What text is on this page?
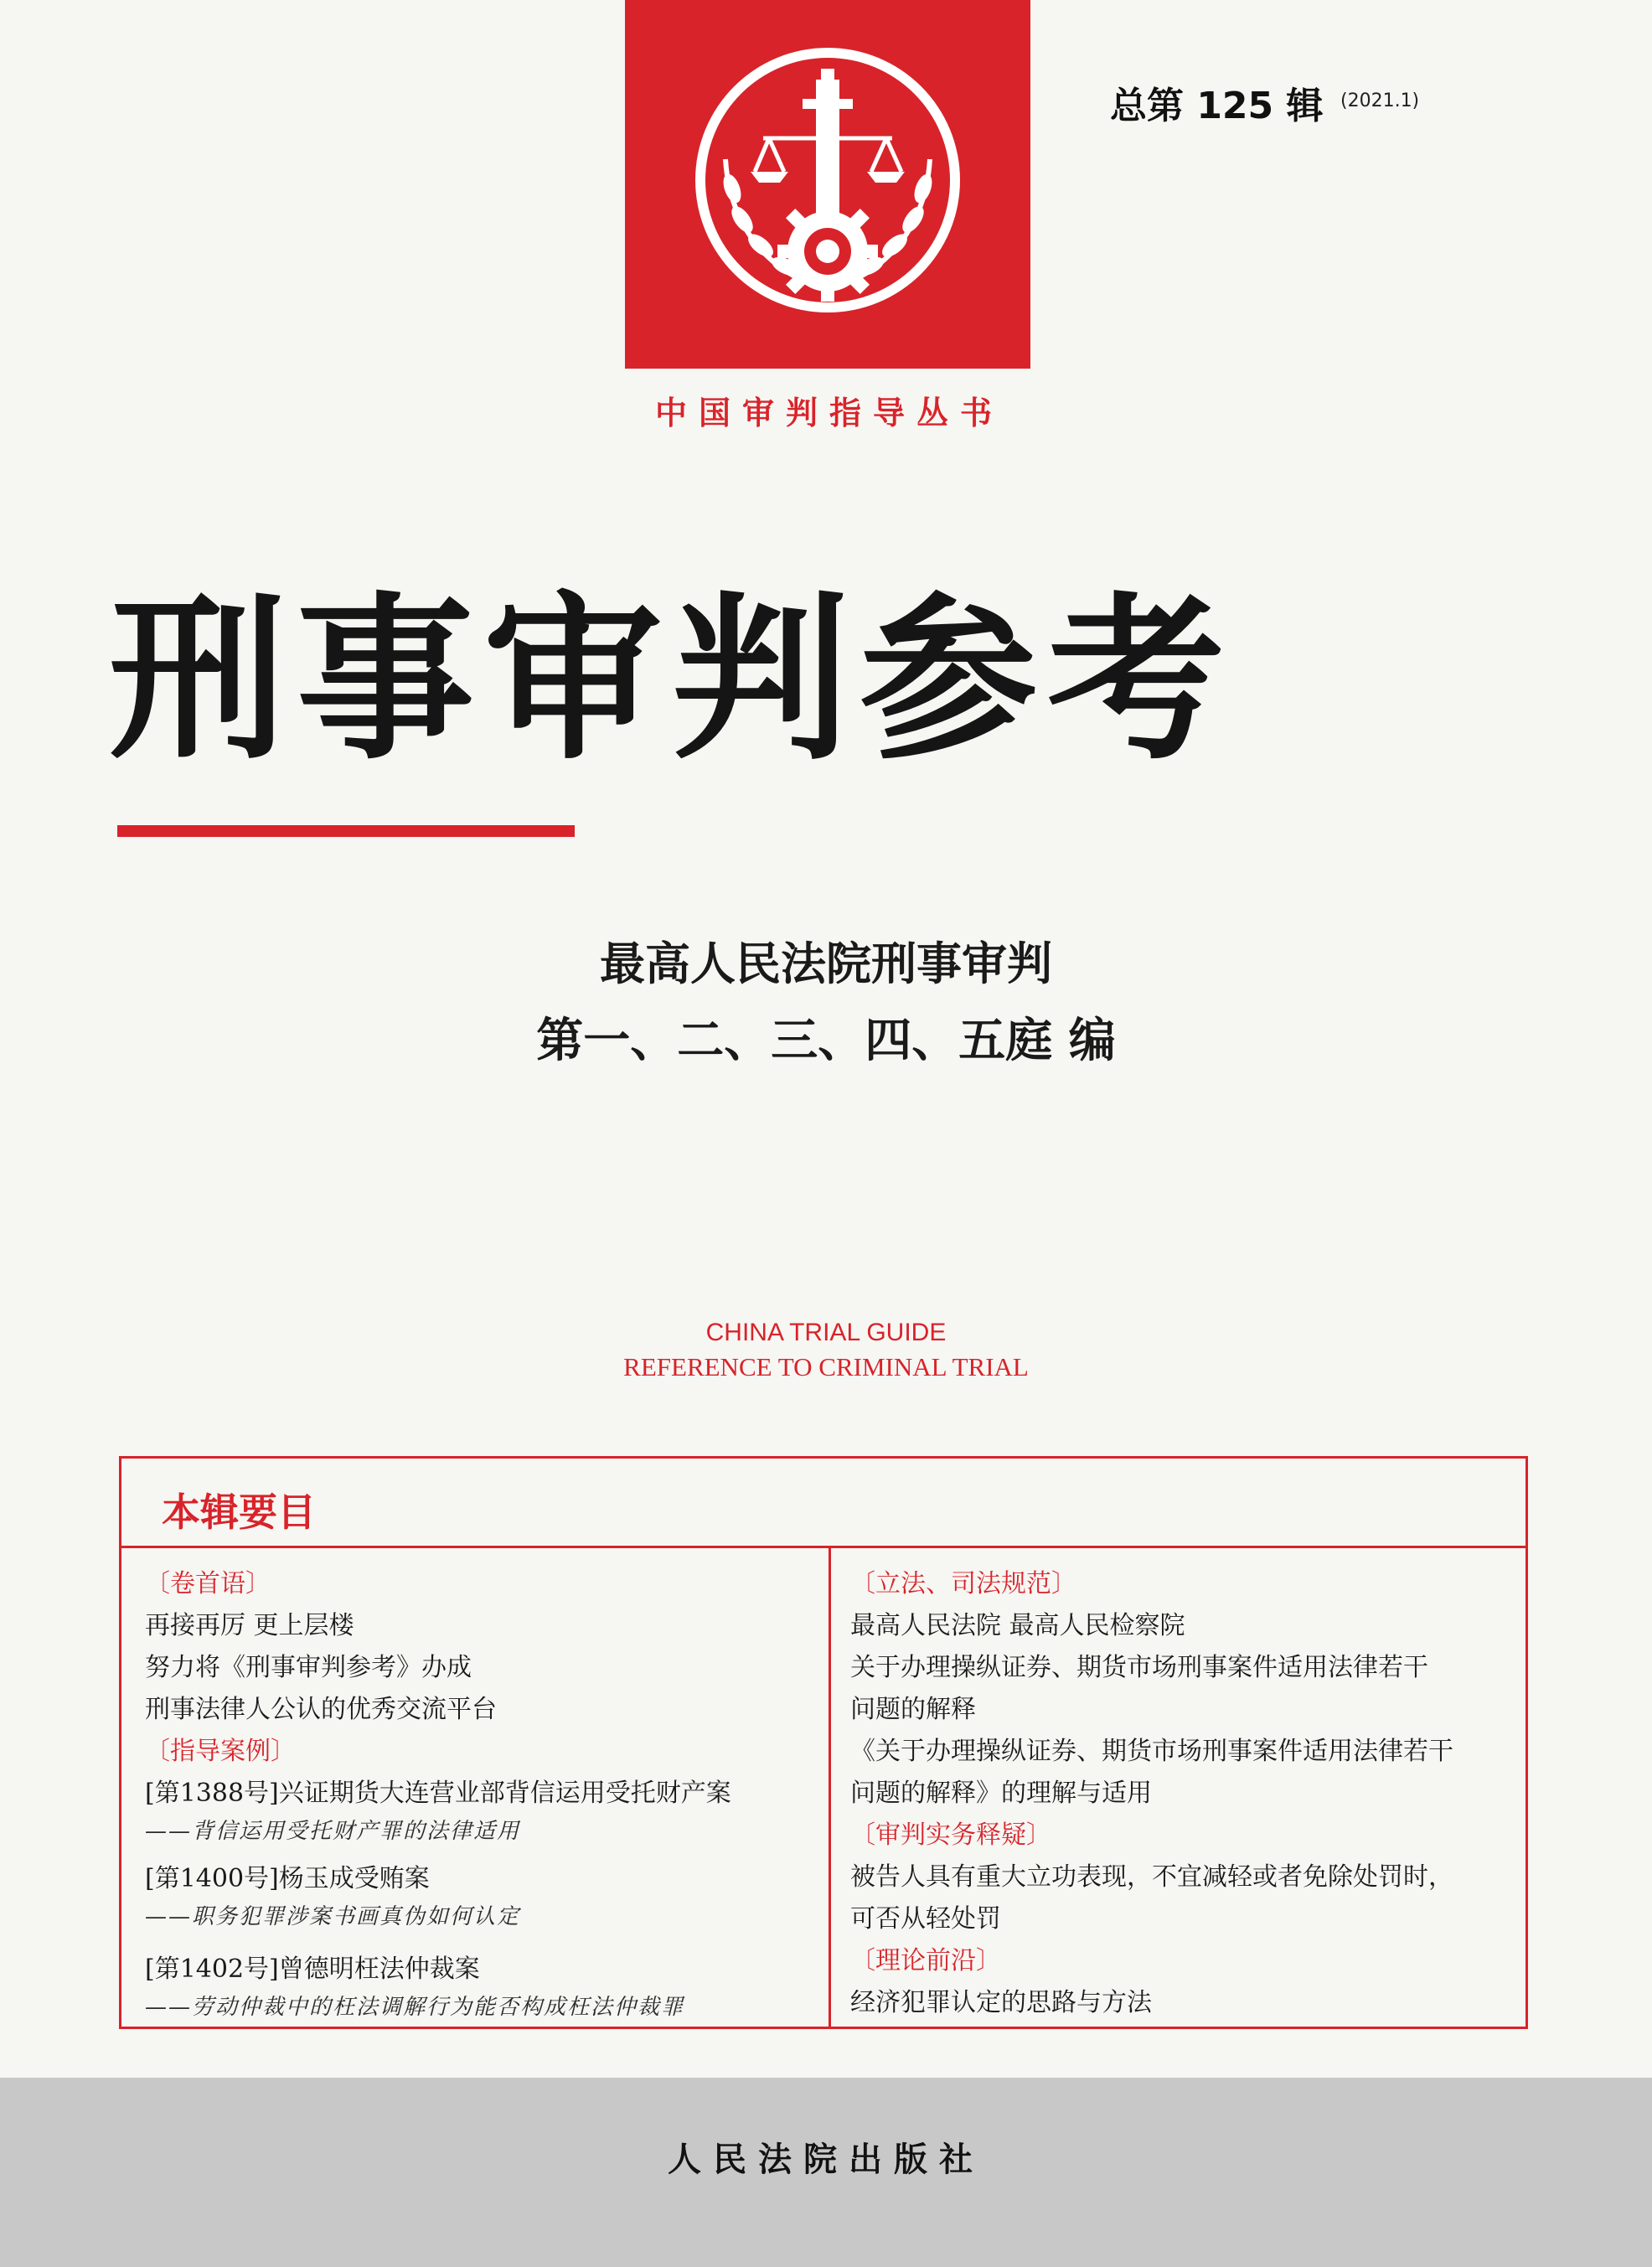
总第 125 辑 (2021.1)
中国审判指导丛书
刑事审判参考
最高人民法院刑事审判
第一、二、三、四、五庭 编
CHINA TRIAL GUIDE
REFERENCE TO CRIMINAL TRIAL
本辑要目
〔卷首语〕
再接再厉 更上层楼
努力将《刑事审判参考》办成
刑事法律人公认的优秀交流平台
〔指导案例〕
[第1388号]兴证期货大连营业部背信运用受托财产案
——背信运用受托财产罪的法律适用
[第1400号]杨玉成受贿案
——职务犯罪涉案书画真伪如何认定
[第1402号]曾德明枉法仲裁案
——劳动仲裁中的枉法调解行为能否构成枉法仲裁罪
〔立法、司法规范〕
最高人民法院 最高人民检察院
关于办理操纵证券、期货市场刑事案件适用法律若干
问题的解释
《关于办理操纵证券、期货市场刑事案件适用法律若干
问题的解释》的理解与适用
〔审判实务释疑〕
被告人具有重大立功表现，不宜减轻或者免除处罚时，
可否从轻处罚
〔理论前沿〕
经济犯罪认定的思路与方法
人民法院出版社
